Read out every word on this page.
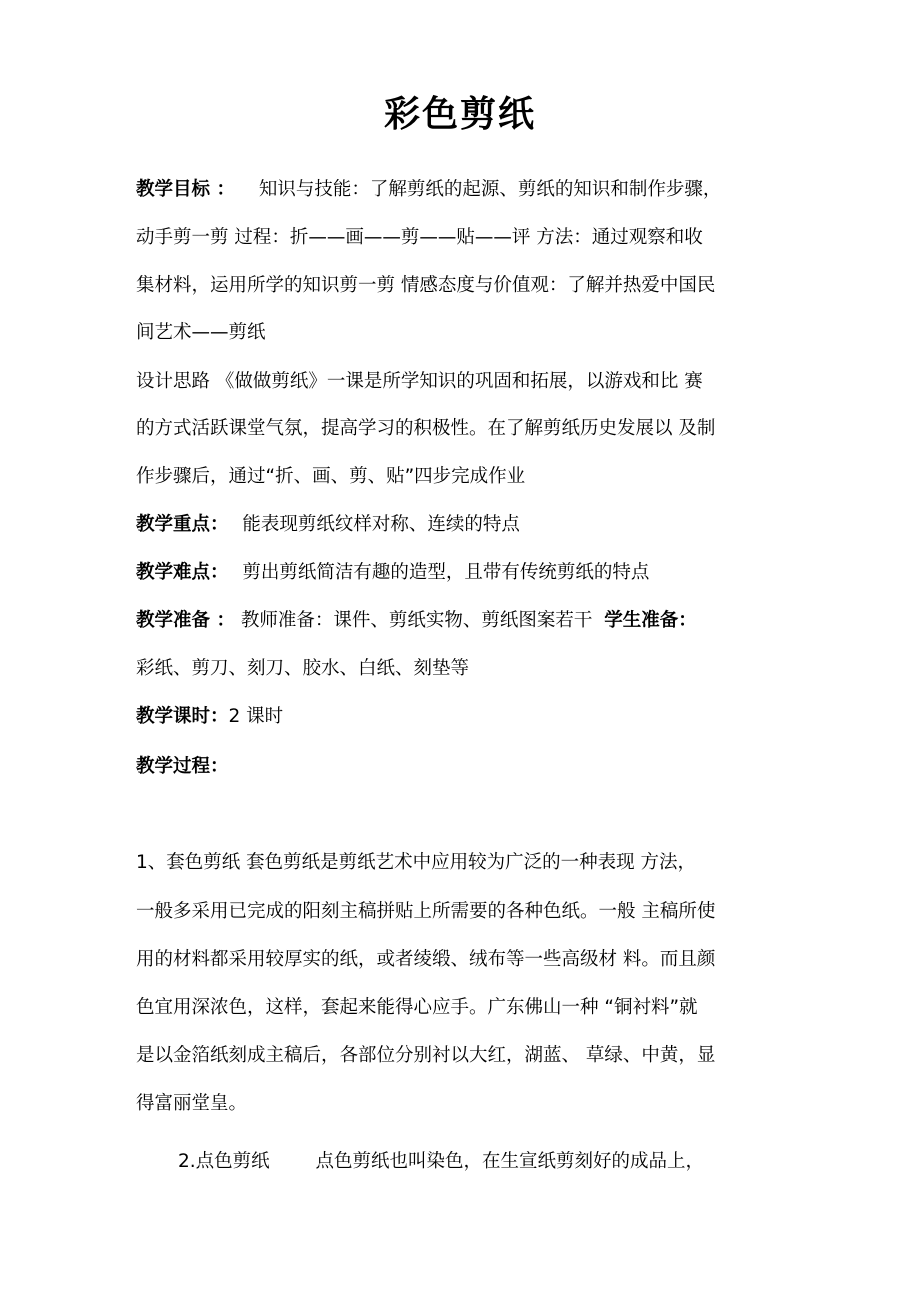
彩色剪纸
教学目标 ： 知识与技能：了解剪纸的起源、剪纸的知识和制作步骤，
动手剪一剪 过程：折——画——剪——贴——评 方法：通过观察和收
集材料，运用所学的知识剪一剪 情感态度与价值观：了解并热爱中国民
间艺术——剪纸
设计思路 《做做剪纸》一课是所学知识的巩固和拓展，以游戏和比 赛
的方式活跃课堂气氛，提高学习的积极性。在了解剪纸历史发展以 及制
作步骤后，通过“折、画、剪、贴”四步完成作业
教学重点： 能表现剪纸纹样对称、连续的特点
教学难点： 剪出剪纸简洁有趣的造型，且带有传统剪纸的特点
教学准备 ： 教师准备：课件、剪纸实物、剪纸图案若干 学生准备：
彩纸、剪刀、刻刀、胶水、白纸、刻垫等
教学课时：2 课时
教学过程：
1、套色剪纸 套色剪纸是剪纸艺术中应用较为广泛的一种表现 方法，
一般多采用已完成的阳刻主稿拼贴上所需要的各种色纸。一般 主稿所使
用的材料都采用较厚实的纸，或者绫缎、绒布等一些高级材 料。而且颜
色宜用深浓色，这样，套起来能得心应手。广东佛山一种 “铜衬料”就
是以金箔纸刻成主稿后，各部位分别衬以大红，湖蓝、 草绿、中黄，显
得富丽堂皇。
2.点色剪纸 点色剪纸也叫染色，在生宣纸剪刻好的成品上，
